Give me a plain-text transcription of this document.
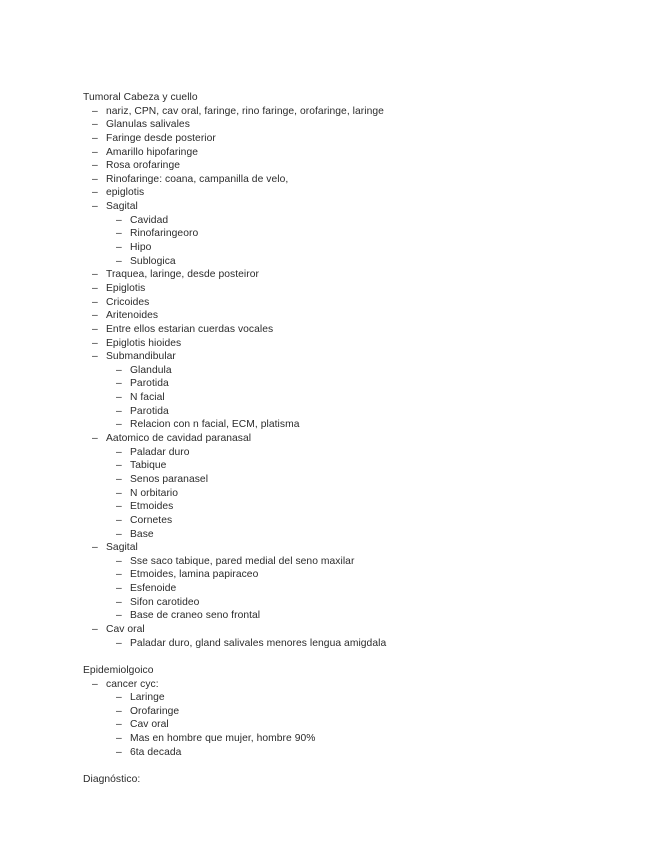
Tumoral Cabeza y cuello
– nariz, CPN, cav oral, faringe, rino faringe, orofaringe, laringe
– Glanulas salivales
– Faringe desde posterior
– Amarillo hipofaringe
– Rosa orofaringe
– Rinofaringe: coana, campanilla de velo,
– epiglotis
– Sagital
– Cavidad
– Rinofaringeoro
– Hipo
– Sublogica
– Traquea, laringe, desde posteiror
– Epiglotis
– Cricoides
– Aritenoides
– Entre ellos estarian cuerdas vocales
– Epiglotis hioides
– Submandibular
– Glandula
– Parotida
– N facial
– Parotida
– Relacion con n facial, ECM, platisma
– Aatomico de cavidad paranasal
– Paladar duro
– Tabique
– Senos paranasel
– N orbitario
– Etmoides
– Cornetes
– Base
– Sagital
– Sse saco tabique, pared medial del seno maxilar
– Etmoides, lamina papiraceo
– Esfenoide
– Sifon carotideo
– Base de craneo seno frontal
– Cav oral
– Paladar duro, gland salivales menores lengua amigdala
Epidemiolgoico
– cancer cyc:
– Laringe
– Orofaringe
– Cav oral
– Mas en hombre que mujer, hombre 90%
– 6ta decada
Diagnóstico:
